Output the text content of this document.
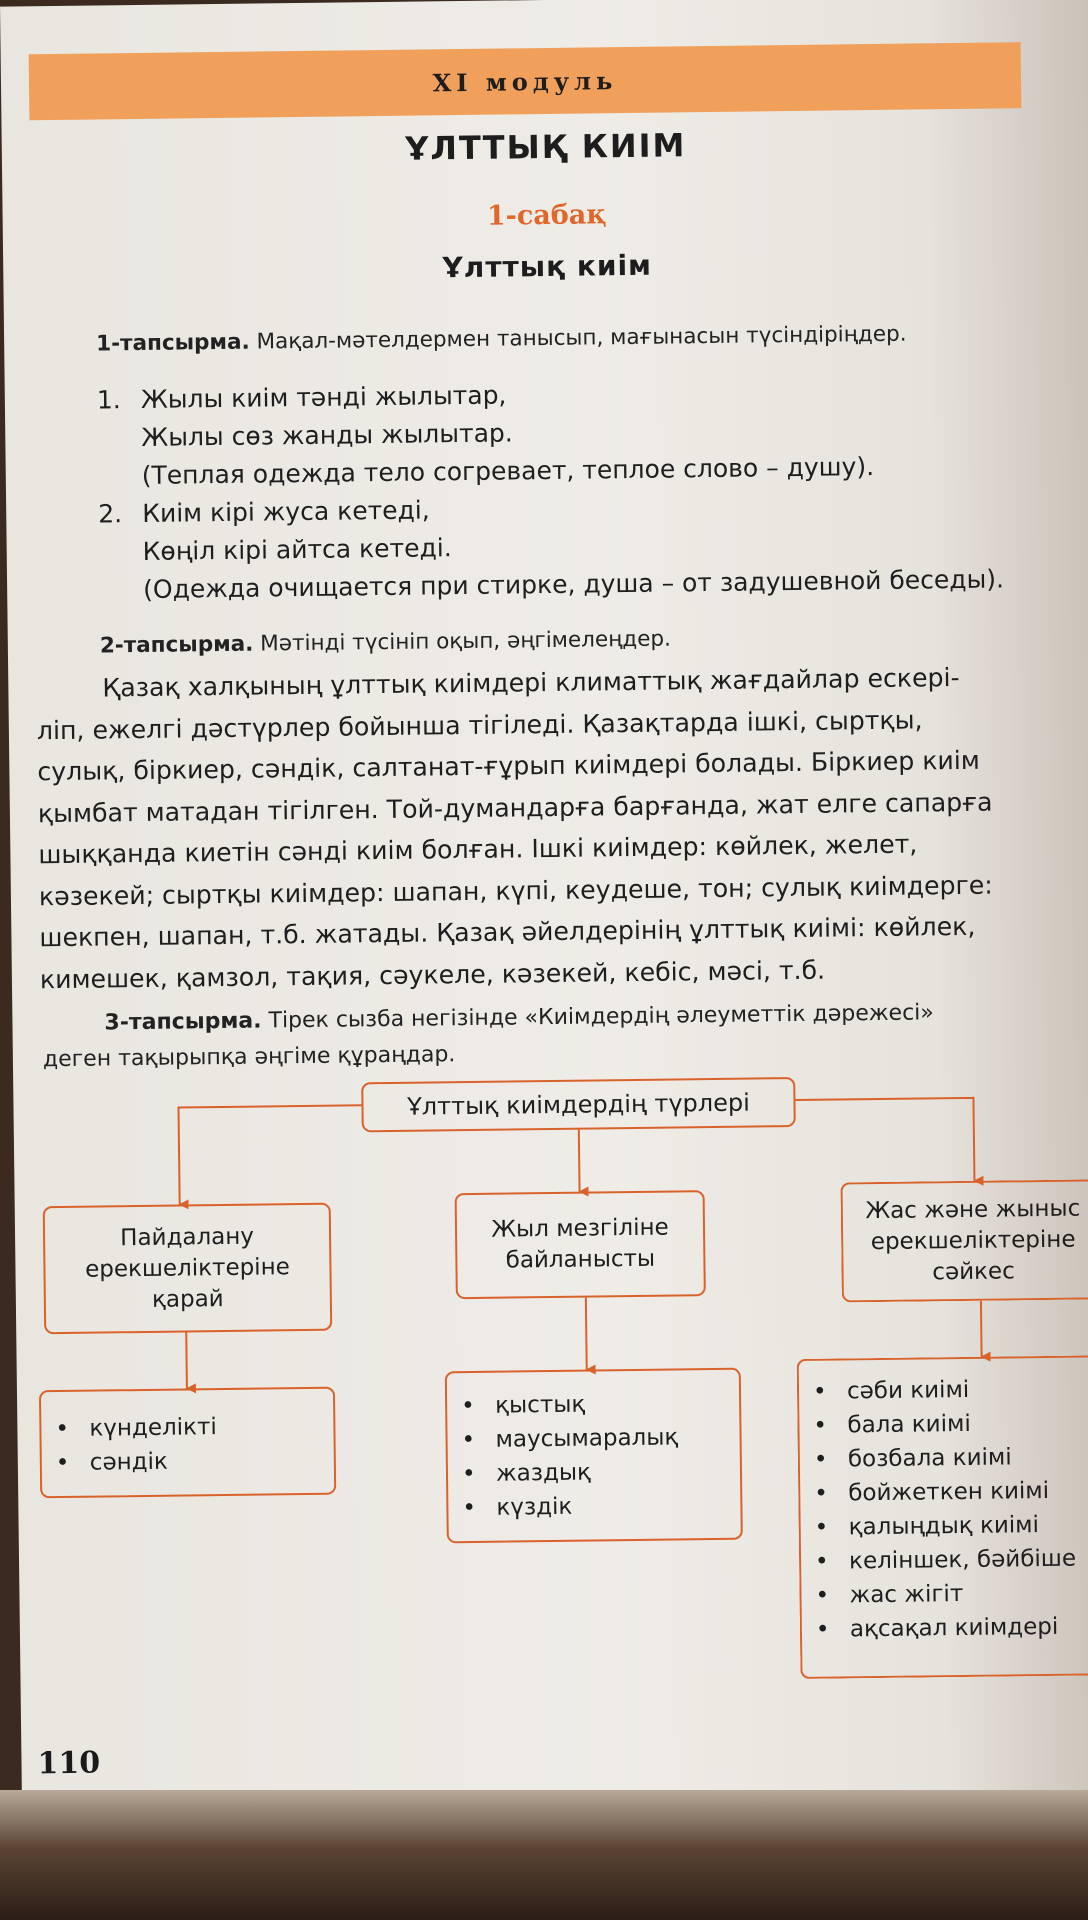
XI модуль
ҰЛТТЫҚ КИІМ
1-сабақ
Ұлттық киім
1-тапсырма. Мақал-мәтелдермен танысып, мағынасын түсіндіріңдер.
1. Жылы киім тәнді жылытар,
Жылы сөз жанды жылытар.
(Теплая одежда тело согревает, теплое слово – душу).
2. Киім кірі жуса кетеді,
Көңіл кірі айтса кетеді.
(Одежда очищается при стирке, душа – от задушевной беседы).
2-тапсырма. Мәтінді түсініп оқып, әңгімелеңдер.
Қазақ халқының ұлттық киімдері климаттық жағдайлар ескері-
ліп, ежелгі дәстүрлер бойынша тігіледі. Қазақтарда ішкі, сыртқы,
сулық, біркиер, сәндік, салтанат-ғұрып киімдері болады. Біркиер киім
қымбат матадан тігілген. Той-думандарға барғанда, жат елге сапарға
шыққанда киетін сәнді киім болған. Ішкі киімдер: көйлек, желет,
кәзекей; сыртқы киімдер: шапан, күпі, кеудеше, тон; сулық киімдерге:
шекпен, шапан, т.б. жатады. Қазақ әйелдерінің ұлттық киімі: көйлек,
кимешек, қамзол, тақия, сәукеле, кәзекей, кебіс, мәсі, т.б.
3-тапсырма. Тірек сызба негізінде «Киімдердің әлеуметтік дәрежесі»
деген тақырыпқа әңгіме құраңдар.
Ұлттық киімдердің түрлері
Пайдалану
ерекшеліктеріне
қарай
Жыл мезгiлiне
байланысты
Жас және жыныс
ерекшеліктеріне
сәйкес
• күнделікті
• сәндік
• қыстық
• маусымаралық
• жаздық
• күздік
• сәби киімі
• бала киімі
• бозбала киімі
• бойжеткен киімі
• қалыңдық киімі
• келіншек, бәйбіше
• жас жігіт
• ақсақал киімдері
110
